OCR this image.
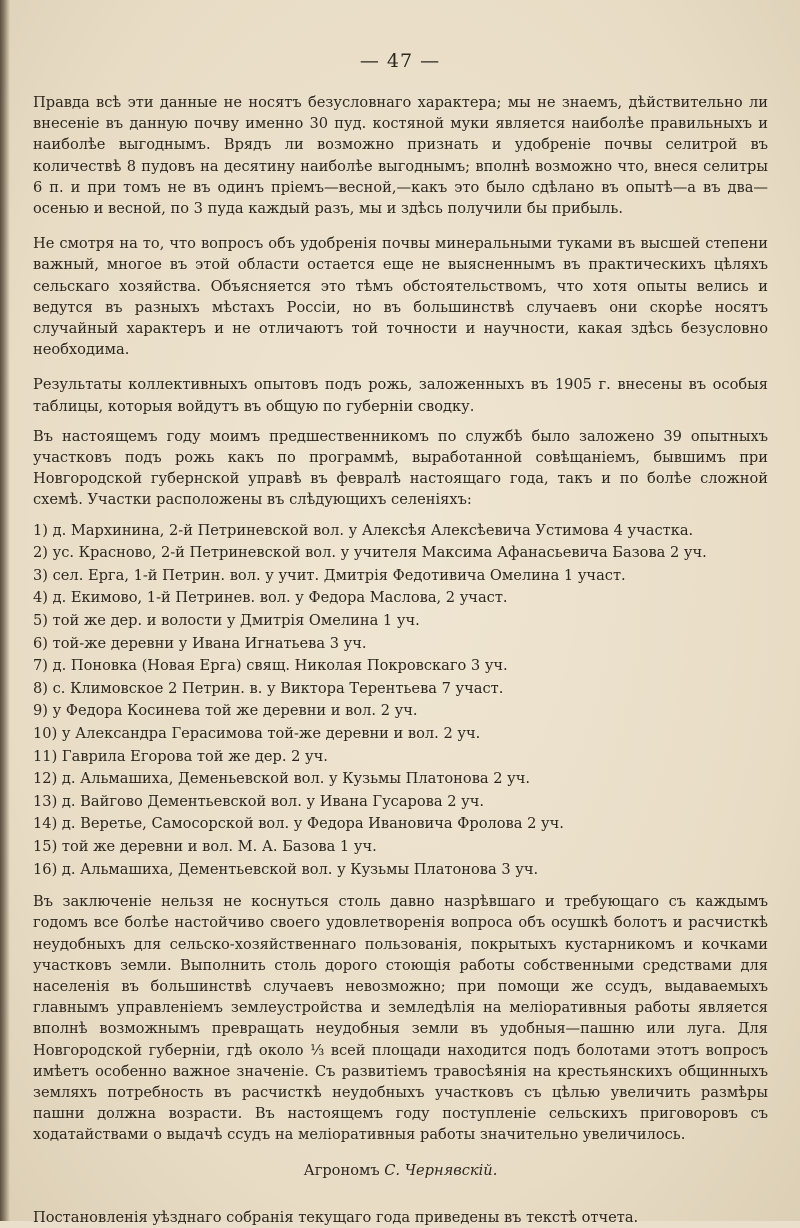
— 47 —

Правда всѣ эти данные не носятъ безусловнаго характера; мы не знаемъ, дѣйствительно ли внесеніе въ данную почву именно 30 пуд. костяной муки является наиболѣе правильныхъ и наиболѣе выгоднымъ. Врядъ ли возможно признать и удобреніе почвы селитрой въ количествѣ 8 пудовъ на десятину наиболѣе выгоднымъ; вполнѣ возможно что, внеся селитры 6 п. и при томъ не въ одинъ пріемъ—весной,—какъ это было сдѣлано въ опытѣ—а въ два—осенью и весной, по 3 пуда каждый разъ, мы и здѣсь получили бы прибыль.

Не смотря на то, что вопросъ объ удобренія почвы минеральными туками въ высшей степени важный, многое въ этой области остается еще не выясненнымъ въ практическихъ цѣляхъ сельскаго хозяйства. Объясняется это тѣмъ обстоятельствомъ, что хотя опыты велись и ведутся въ разныхъ мѣстахъ Россіи, но въ большинствѣ случаевъ они скорѣе носятъ случайный характеръ и не отличаютъ той точности и научности, какая здѣсь безусловно необходима.

Результаты коллективныхъ опытовъ подъ рожь, заложенныхъ въ 1905 г. внесены въ особыя таблицы, которыя войдутъ въ общую по губерніи сводку.

Въ настоящемъ году моимъ предшественникомъ по службѣ было заложено 39 опытныхъ участковъ подъ рожь какъ по программѣ, выработанной совѣщаніемъ, бывшимъ при Новгородской губернской управѣ въ февралѣ настоящаго года, такъ и по болѣе сложной схемѣ. Участки расположены въ слѣдующихъ селеніяхъ:

1) д. Мархинина, 2-й Петриневской вол. у Алексѣя Алексѣевича Устимова 4 участка.
2) ус. Красново, 2-й Петриневской вол. у учителя Максима Афанасьевича Базова 2 уч.
3) сел. Ерга, 1-й Петрин. вол. у учит. Дмитрія Федотивича Омелина 1 участ.
4) д. Екимово, 1-й Петринев. вол. у Федора Маслова, 2 участ.
5) той же дер. и волости у Дмитрія Омелина 1 уч.
6) той-же деревни у Ивана Игнатьева 3 уч.
7) д. Поновка (Новая Ерга) свящ. Николая Покровскаго 3 уч.
8) с. Климовское 2 Петрин. в. у Виктора Терентьева 7 участ.
9) у Федора Косинева той же деревни и вол. 2 уч.
10) у Александра Герасимова той-же деревни и вол. 2 уч.
11) Гаврила Егорова той же дер. 2 уч.
12) д. Альмашиха, Деменьевской вол. у Кузьмы Платонова 2 уч.
13) д. Вайгово Дементьевской вол. у Ивана Гусарова 2 уч.
14) д. Веретье, Самосорской вол. у Федора Ивановича Фролова 2 уч.
15) той же деревни и вол. М. А. Базова 1 уч.
16) д. Альмашиха, Дементьевской вол. у Кузьмы Платонова 3 уч.

Въ заключеніе нельзя не коснуться столь давно назрѣвшаго и требующаго съ каждымъ годомъ все болѣе настойчиво своего удовлетворенія вопроса объ осушкѣ болотъ и расчисткѣ неудобныхъ для сельско-хозяйственнаго пользованія, покрытыхъ кустарникомъ и кочками участковъ земли. Выполнить столь дорого стоющія работы собственными средствами для населенія въ большинствѣ случаевъ невозможно; при помощи же ссудъ, выдаваемыхъ главнымъ управленіемъ землеустройства и земледѣлія на меліоративныя работы является вполнѣ возможнымъ превращать неудобныя земли въ удобныя—пашню или луга. Для Новгородской губерніи, гдѣ около ⅓ всей площади находится подъ болотами этотъ вопросъ имѣетъ особенно важное значеніе. Съ развитіемъ травосѣянія на крестьянскихъ общинныхъ земляхъ потребность въ расчисткѣ неудобныхъ участковъ съ цѣлью увеличить размѣры пашни должна возрасти. Въ настоящемъ году поступленіе сельскихъ приговоровъ съ ходатайствами о выдачѣ ссудъ на меліоративныя работы значительно увеличилось.

Агрономъ С. Чернявскій.

Постановленія уѣзднаго собранія текущаго года приведены въ текстѣ отчета.
